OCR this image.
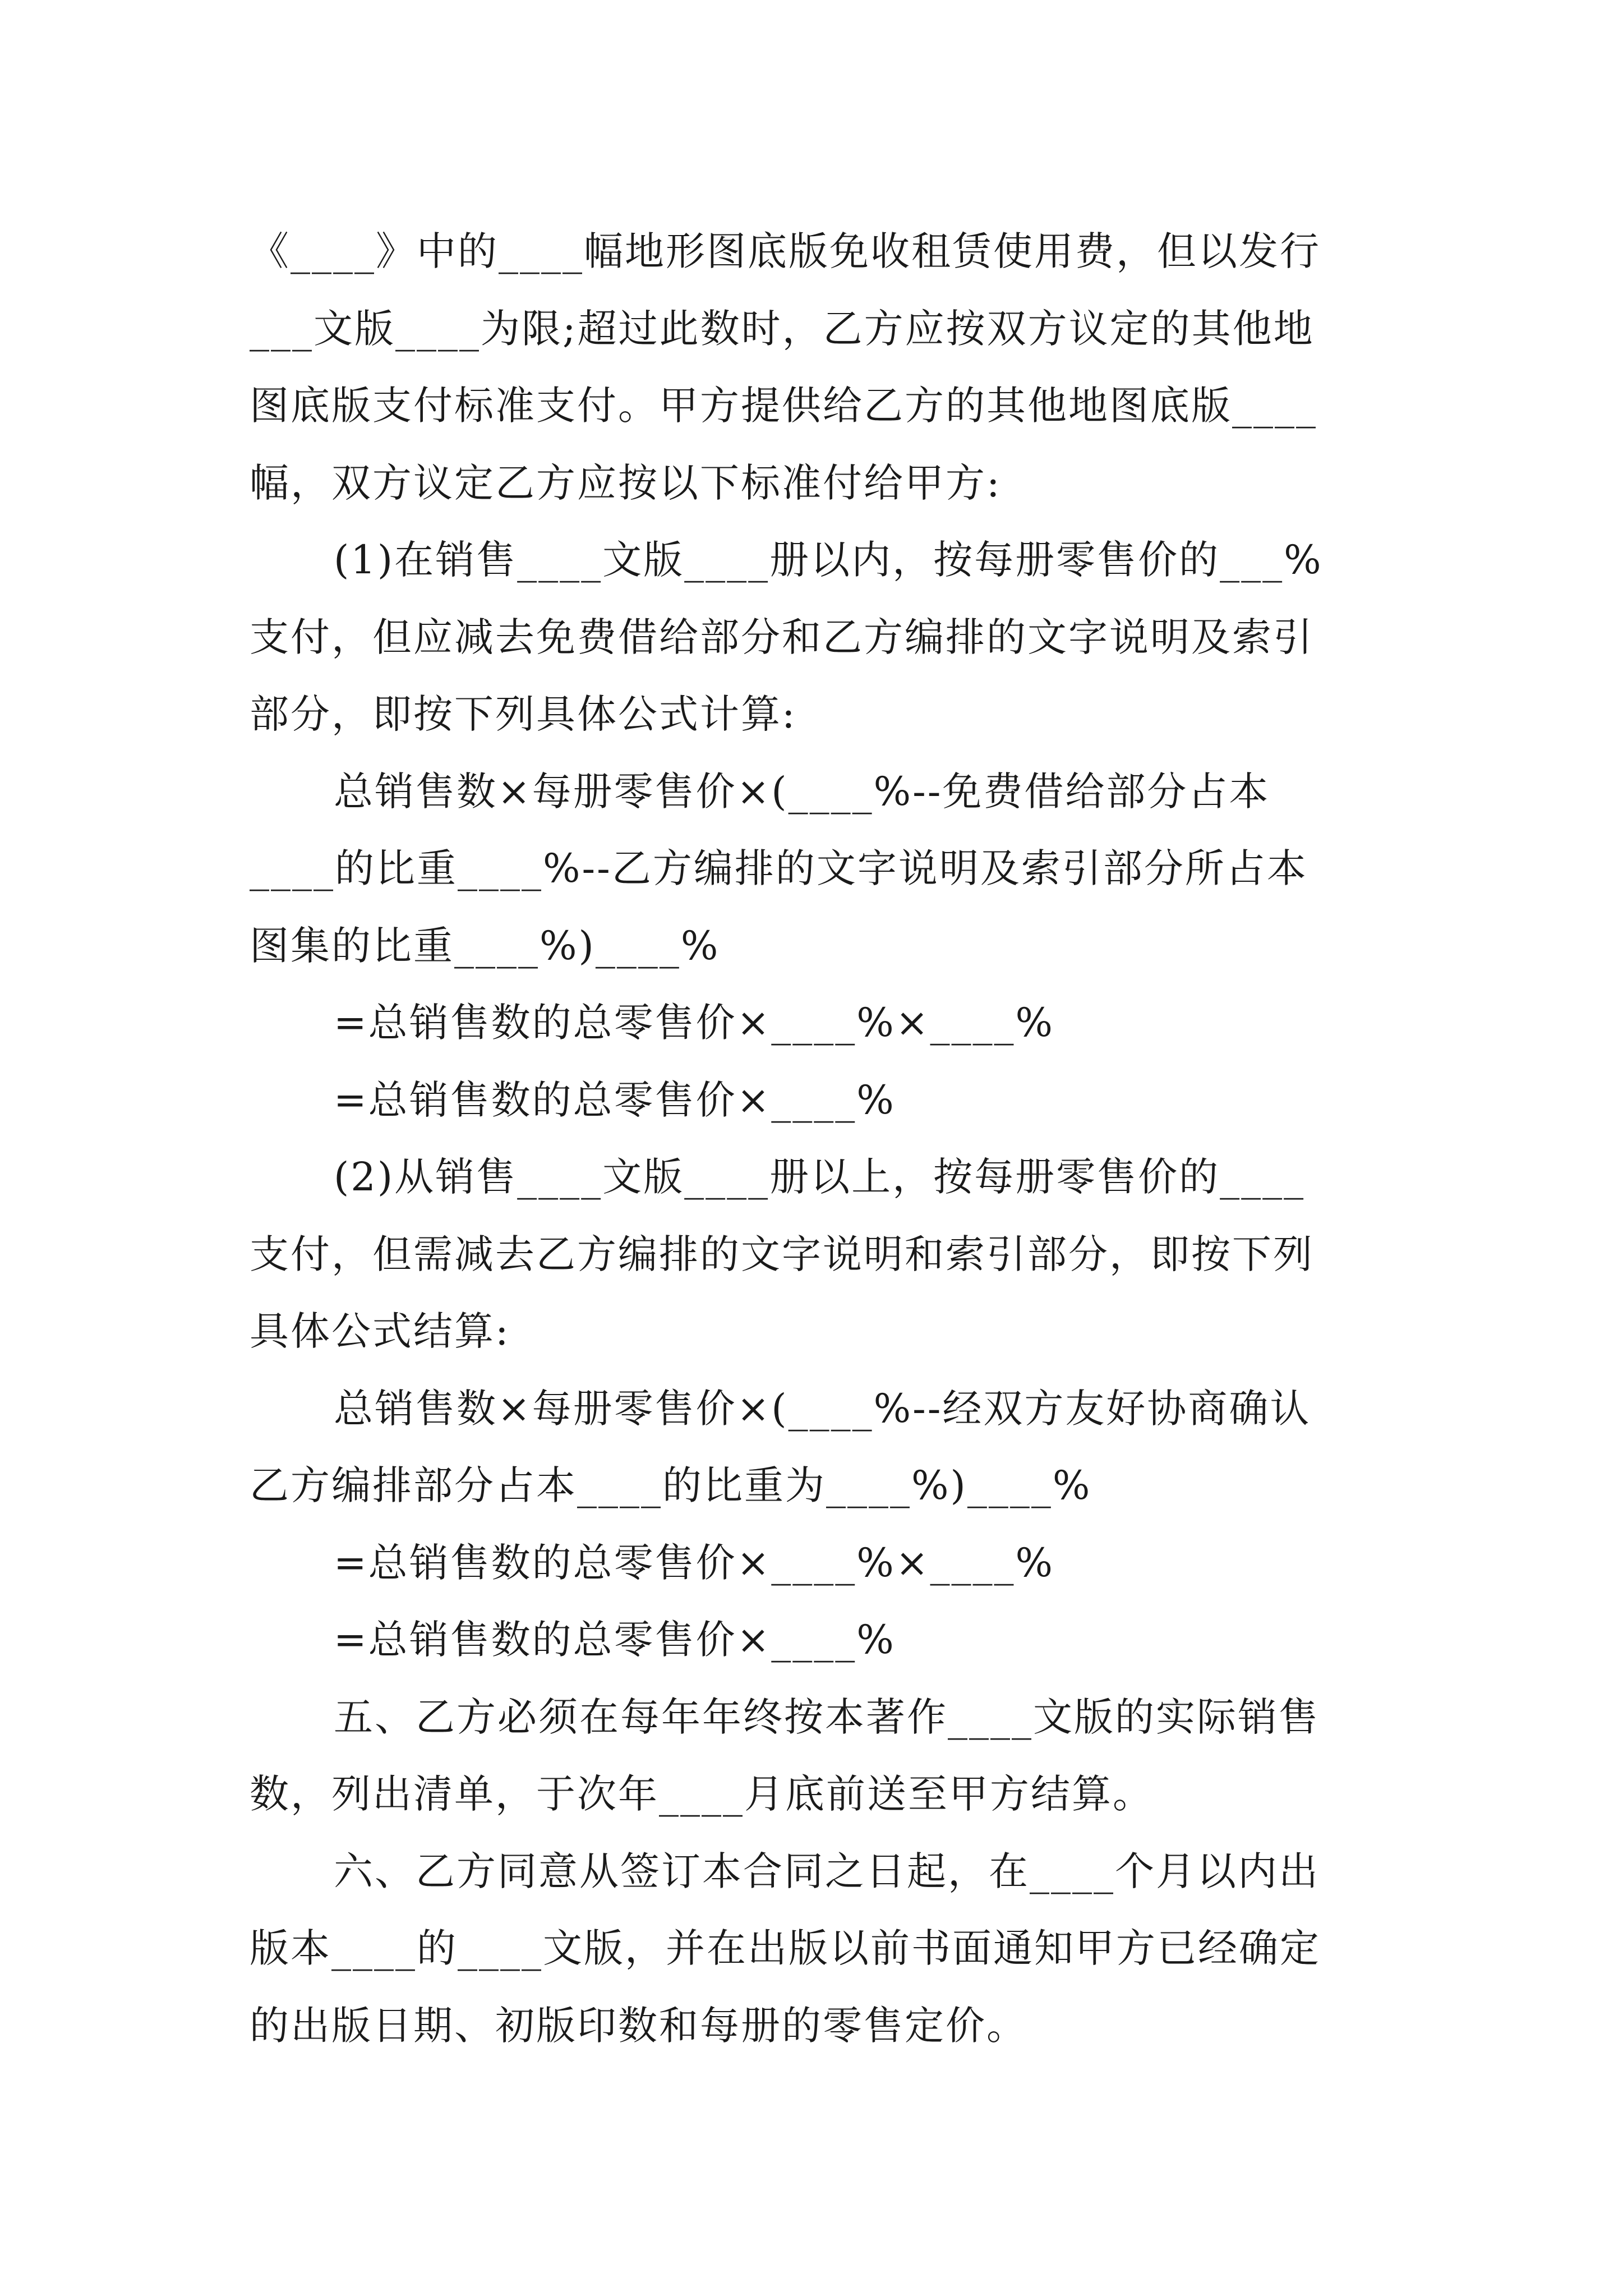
《____》中的____幅地形图底版免收租赁使用费，但以发行
___文版____为限;超过此数时，乙方应按双方议定的其他地
图底版支付标准支付。甲方提供给乙方的其他地图底版____
幅，双方议定乙方应按以下标准付给甲方:
(1)在销售____文版____册以内，按每册零售价的___%
支付，但应减去免费借给部分和乙方编排的文字说明及索引
部分，即按下列具体公式计算:
总销售数×每册零售价×(____%--免费借给部分占本
____的比重____%--乙方编排的文字说明及索引部分所占本
图集的比重____%)____%
=总销售数的总零售价×____%×____%
=总销售数的总零售价×____%
(2)从销售____文版____册以上，按每册零售价的____
支付，但需减去乙方编排的文字说明和索引部分，即按下列
具体公式结算:
总销售数×每册零售价×(____%--经双方友好协商确认
乙方编排部分占本____的比重为____%)____%
=总销售数的总零售价×____%×____%
=总销售数的总零售价×____%
五、乙方必须在每年年终按本著作____文版的实际销售
数，列出清单，于次年____月底前送至甲方结算。
六、乙方同意从签订本合同之日起，在____个月以内出
版本____的____文版，并在出版以前书面通知甲方已经确定
的出版日期、初版印数和每册的零售定价。
